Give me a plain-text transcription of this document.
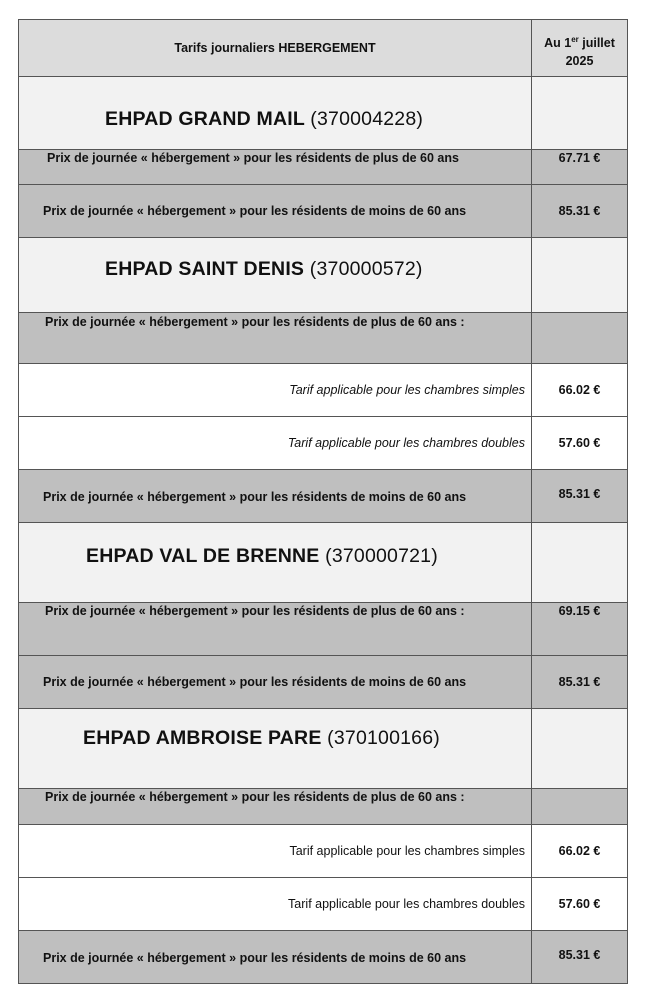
Tarifs journaliers HEBERGEMENT	Au 1er juillet
2025
EHPAD GRAND MAIL (370004228)	
Prix de journée « hébergement » pour les résidents de plus de 60 ans	67.71 €
Prix de journée « hébergement » pour les résidents de moins de 60 ans	85.31 €
EHPAD SAINT DENIS (370000572)	
Prix de journée « hébergement » pour les résidents de plus de 60 ans :	
Tarif applicable pour les chambres simples	66.02 €
Tarif applicable pour les chambres doubles	57.60 €
Prix de journée « hébergement » pour les résidents de moins de 60 ans	85.31 €
EHPAD VAL DE BRENNE (370000721)	
Prix de journée « hébergement » pour les résidents de plus de 60 ans :	69.15 €
Prix de journée « hébergement » pour les résidents de moins de 60 ans	85.31 €
EHPAD AMBROISE PARE (370100166)	
Prix de journée « hébergement » pour les résidents de plus de 60 ans :	
Tarif applicable pour les chambres simples	66.02 €
Tarif applicable pour les chambres doubles	57.60 €
Prix de journée « hébergement » pour les résidents de moins de 60 ans	85.31 €
